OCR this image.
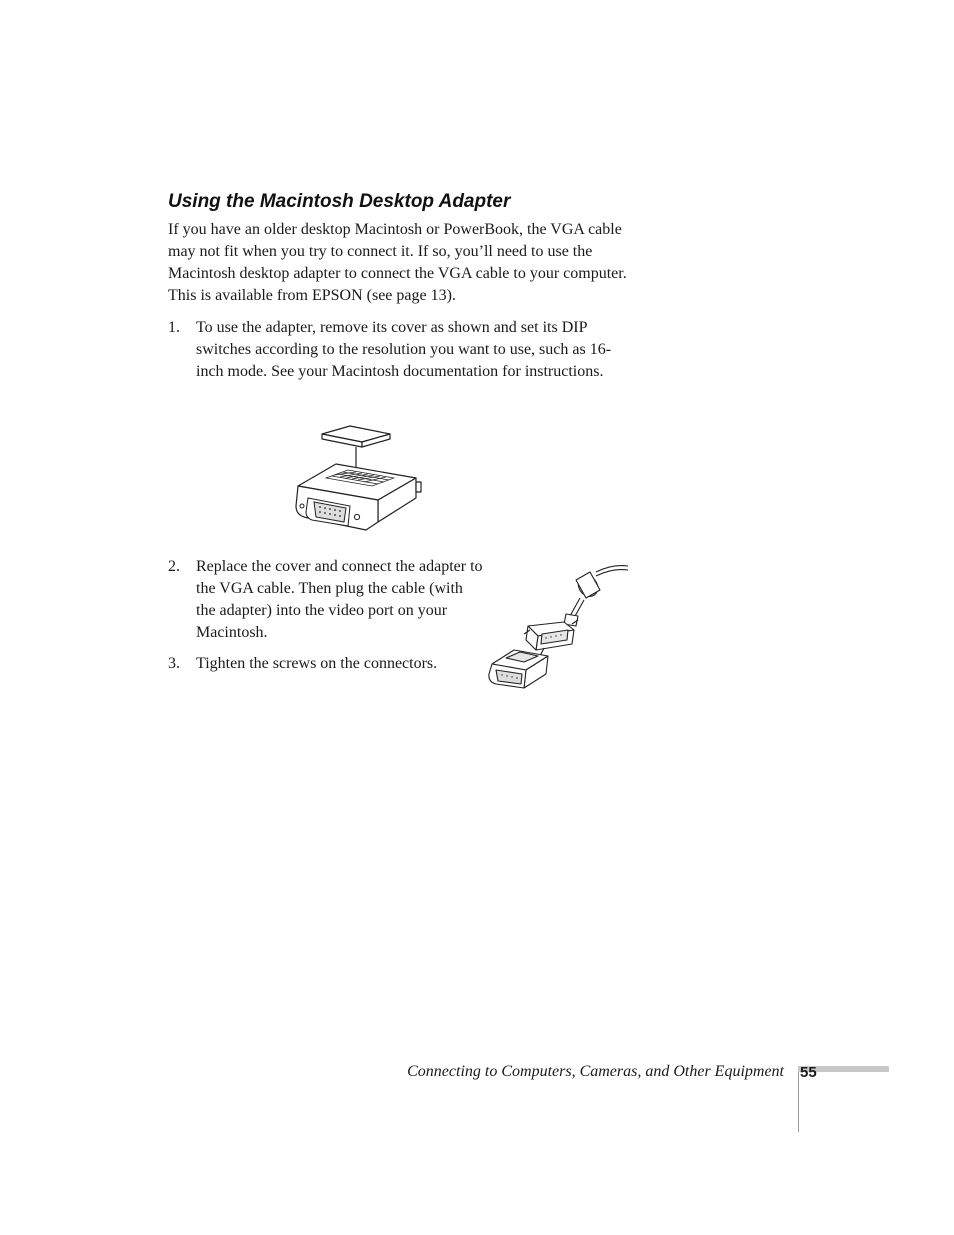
Using the Macintosh Desktop Adapter

If you have an older desktop Macintosh or PowerBook, the VGA cable may not fit when you try to connect it. If so, you’ll need to use the Macintosh desktop adapter to connect the VGA cable to your computer. This is available from EPSON (see page 13).

1.	To use the adapter, remove its cover as shown and set its DIP switches according to the resolution you want to use, such as 16-inch mode. See your Macintosh documentation for instructions.
2.	Replace the cover and connect the adapter to the VGA cable. Then plug the cable (with the adapter) into the video port on your Macintosh.
3.	Tighten the screws on the connectors.
Connecting to Computers, Cameras, and Other Equipment 55
